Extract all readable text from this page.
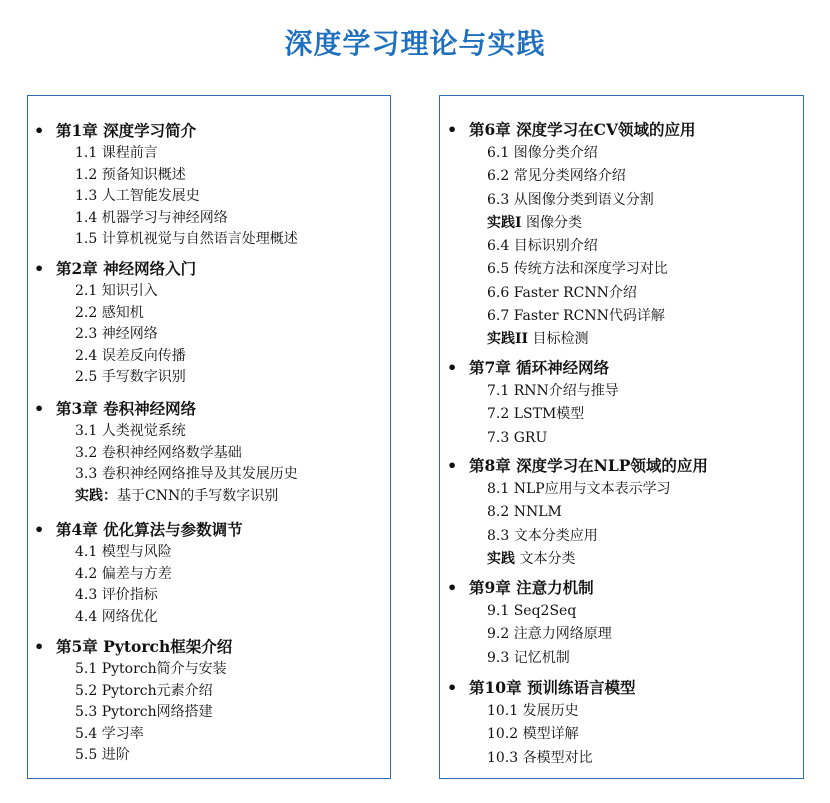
深度学习理论与实践
• 第1章 深度学习简介
1.1 课程前言
1.2 预备知识概述
1.3 人工智能发展史
1.4 机器学习与神经网络
1.5 计算机视觉与自然语言处理概述
• 第2章 神经网络入门
2.1 知识引入
2.2 感知机
2.3 神经网络
2.4 误差反向传播
2.5 手写数字识别
• 第3章 卷积神经网络
3.1 人类视觉系统
3.2 卷积神经网络数学基础
3.3 卷积神经网络推导及其发展历史
实践：基于CNN的手写数字识别
• 第4章 优化算法与参数调节
4.1 模型与风险
4.2 偏差与方差
4.3 评价指标
4.4 网络优化
• 第5章 Pytorch框架介绍
5.1 Pytorch简介与安装
5.2 Pytorch元素介绍
5.3 Pytorch网络搭建
5.4 学习率
5.5 进阶
• 第6章 深度学习在CV领域的应用
6.1 图像分类介绍
6.2 常见分类网络介绍
6.3 从图像分类到语义分割
实践I 图像分类
6.4 目标识别介绍
6.5 传统方法和深度学习对比
6.6 Faster RCNN介绍
6.7 Faster RCNN代码详解
实践II 目标检测
• 第7章 循环神经网络
7.1 RNN介绍与推导
7.2 LSTM模型
7.3 GRU
• 第8章 深度学习在NLP领域的应用
8.1 NLP应用与文本表示学习
8.2 NNLM
8.3 文本分类应用
实践 文本分类
• 第9章 注意力机制
9.1 Seq2Seq
9.2 注意力网络原理
9.3 记忆机制
• 第10章 预训练语言模型
10.1 发展历史
10.2 模型详解
10.3 各模型对比
